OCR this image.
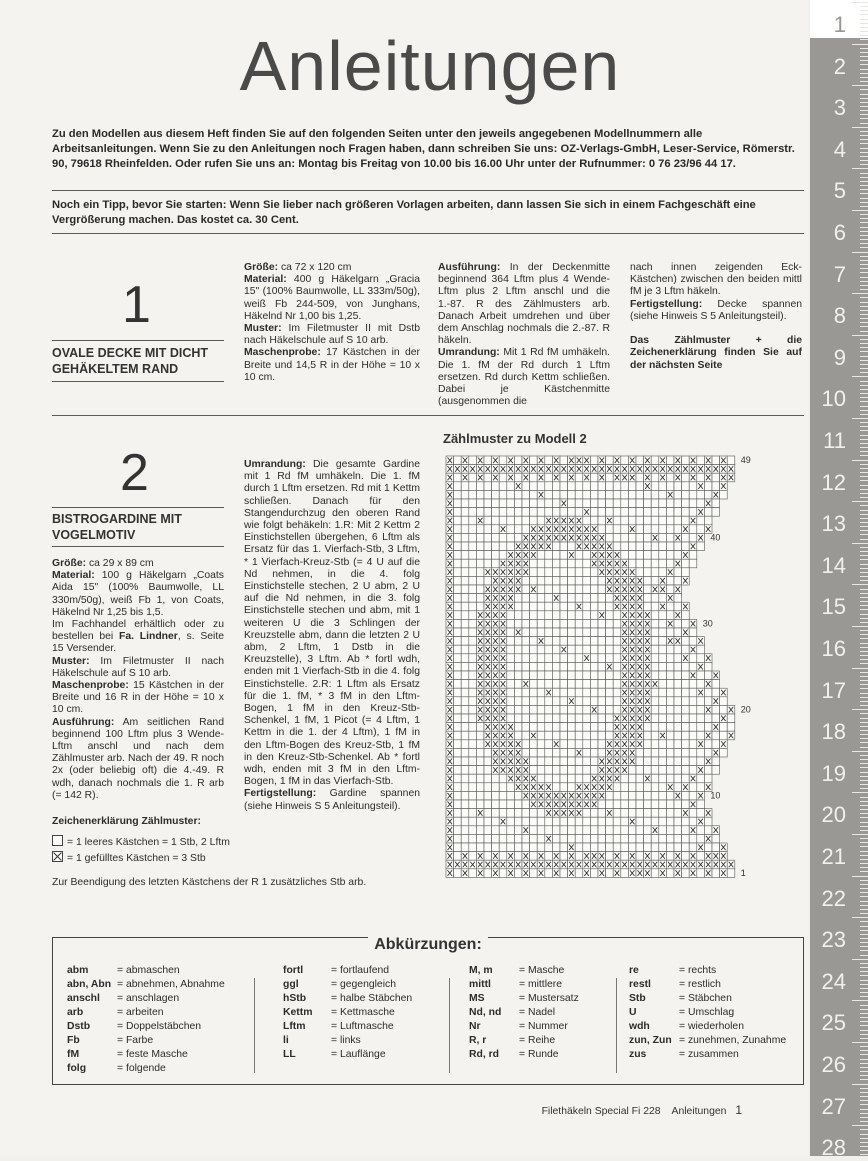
Anleitungen
Zu den Modellen aus diesem Heft finden Sie auf den folgenden Seiten unter den jeweils angegebenen Modellnummern alle Arbeitsanleitungen. Wenn Sie zu den Anleitungen noch Fragen haben, dann schreiben Sie uns: OZ-Verlags-GmbH, Leser-Service, Römerstr. 90, 79618 Rheinfelden. Oder rufen Sie uns an: Montag bis Freitag von 10.00 bis 16.00 Uhr unter der Rufnummer: 0 76 23/96 44 17.
Noch ein Tipp, bevor Sie starten: Wenn Sie lieber nach größeren Vorlagen arbeiten, dann lassen Sie sich in einem Fachgeschäft eine Vergrößerung machen. Das kostet ca. 30 Cent.
1
OVALE DECKE MIT DICHT GEHÄKELTEM RAND

Größe: ca 72 x 120 cm

Material: 400 g Häkelgarn „Gracia 15" (100% Baumwolle, LL 333m/50g), weiß Fb 244-509, von Junghans, Häkelnd Nr 1,00 bis 1,25.

Muster: Im Filetmuster II mit Dstb nach Häkelschule auf S 10 arb.

Maschenprobe: 17 Kästchen in der Breite und 14,5 R in der Höhe = 10 x 10 cm.

Ausführung: In der Deckenmitte beginnend 364 Lftm plus 4 Wende-Lftm plus 2 Lftm anschl und die 1.-87. R des Zählmusters arb. Danach Arbeit umdrehen und über dem Anschlag nochmals die 2.-87. R häkeln.

Umrandung: Mit 1 Rd fM umhäkeln. Die 1. fM der Rd durch 1 Lftm ersetzen. Rd durch Kettm schließen. Dabei je Kästchenmitte (ausgenommen die

nach innen zeigenden Eck-Kästchen) zwischen den beiden mittl fM je 3 Lftm häkeln.

Fertigstellung: Decke spannen (siehe Hinweis S 5 Anleitungsteil).

Das Zählmuster + die Zeichenerklärung finden Sie auf der nächsten Seite

2
BISTROGARDINE MIT VOGELMOTIV

Größe: ca 29 x 89 cm

Material: 100 g Häkelgarn „Coats Aida 15" (100% Baumwolle, LL 330m/50g), weiß Fb 1, von Coats, Häkelnd Nr 1,25 bis 1,5.

Im Fachhandel erhältlich oder zu bestellen bei Fa. Lindner, s. Seite 15 Versender.

Muster: Im Filetmuster II nach Häkelschule auf S 10 arb.

Maschenprobe: 15 Kästchen in der Breite und 16 R in der Höhe = 10 x 10 cm.

Ausführung: Am seitlichen Rand beginnend 100 Lftm plus 3 Wende-Lftm anschl und nach dem Zählmuster arb. Nach der 49. R noch 2x (oder beliebig oft) die 4.-49. R wdh, danach nochmals die 1. R arb (= 142 R).

Umrandung: Die gesamte Gardine mit 1 Rd fM umhäkeln. Die 1. fM durch 1 Lftm ersetzen. Rd mit 1 Kettm schließen. Danach für den Stangendurchzug den oberen Rand wie folgt behäkeln: 1.R: Mit 2 Kettm 2 Einstichstellen übergehen, 6 Lftm als Ersatz für das 1. Vierfach-Stb, 3 Lftm, * 1 Vierfach-Kreuz-Stb (= 4 U auf die Nd nehmen, in die 4. folg Einstichstelle stechen, 2 U abm, 2 U auf die Nd nehmen, in die 3. folg Einstichstelle stechen und abm, mit 1 weiteren U die 3 Schlingen der Kreuzstelle abm, dann die letzten 2 U abm, 2 Lftm, 1 Dstb in die Kreuzstelle), 3 Lftm. Ab * fortl wdh, enden mit 1 Vierfach-Stb in die 4. folg Einstichstelle. 2.R: 1 Lftm als Ersatz für die 1. fM, * 3 fM in den Lftm-Bogen, 1 fM in den Kreuz-Stb-Schenkel, 1 fM, 1 Picot (= 4 Lftm, 1 Kettm in die 1. der 4 Lftm), 1 fM in den Lftm-Bogen des Kreuz-Stb, 1 fM in den Kreuz-Stb-Schenkel. Ab * fortl wdh, enden mit 3 fM in den Lftm-Bogen, 1 fM in das Vierfach-Stb.

Fertigstellung: Gardine spannen (siehe Hinweis S 5 Anleitungsteil).

Zeichenerklärung Zählmuster:
= 1 leeres Kästchen = 1 Stb, 2 Lftm
= 1 gefülltes Kästchen = 3 Stb
Zur Beendigung des letzten Kästchens der R 1 zusätzliches Stb arb.
Zählmuster zu Modell 2
49
40
30
20
10
1
Abkürzungen:
abm	= abmaschen
abn, Abn = abnehmen, Abnahme
anschl = anschlagen
arb	= arbeiten
Dstb	= Doppelstäbchen
Fb	= Farbe
fM	= feste Masche
folg	= folgende
fortl	= fortlaufend
ggl	= gegengleich
hStb = halbe Stäbchen
Kettm = Kettmasche
Lftm = Luftmasche
li	= links
LL	= Lauflänge
M, m	= Masche
mittl	= mittlere
MS	= Mustersatz
Nd, nd = Nadel
Nr	= Nummer
R, r	= Reihe
Rd, rd = Runde
re	= rechts
restl	= restlich
Stb	= Stäbchen
U	= Umschlag
wdh	= wiederholen
zun, Zun = zunehmen, Zunahme
zus	= zusammen
Filethäkeln Special Fi 228 Anleitungen 1
1
2
3
4
5
6
7
8
9
10
11
12
13
14
15
16
17
18
19
20
21
22
23
24
25
26
27
28
